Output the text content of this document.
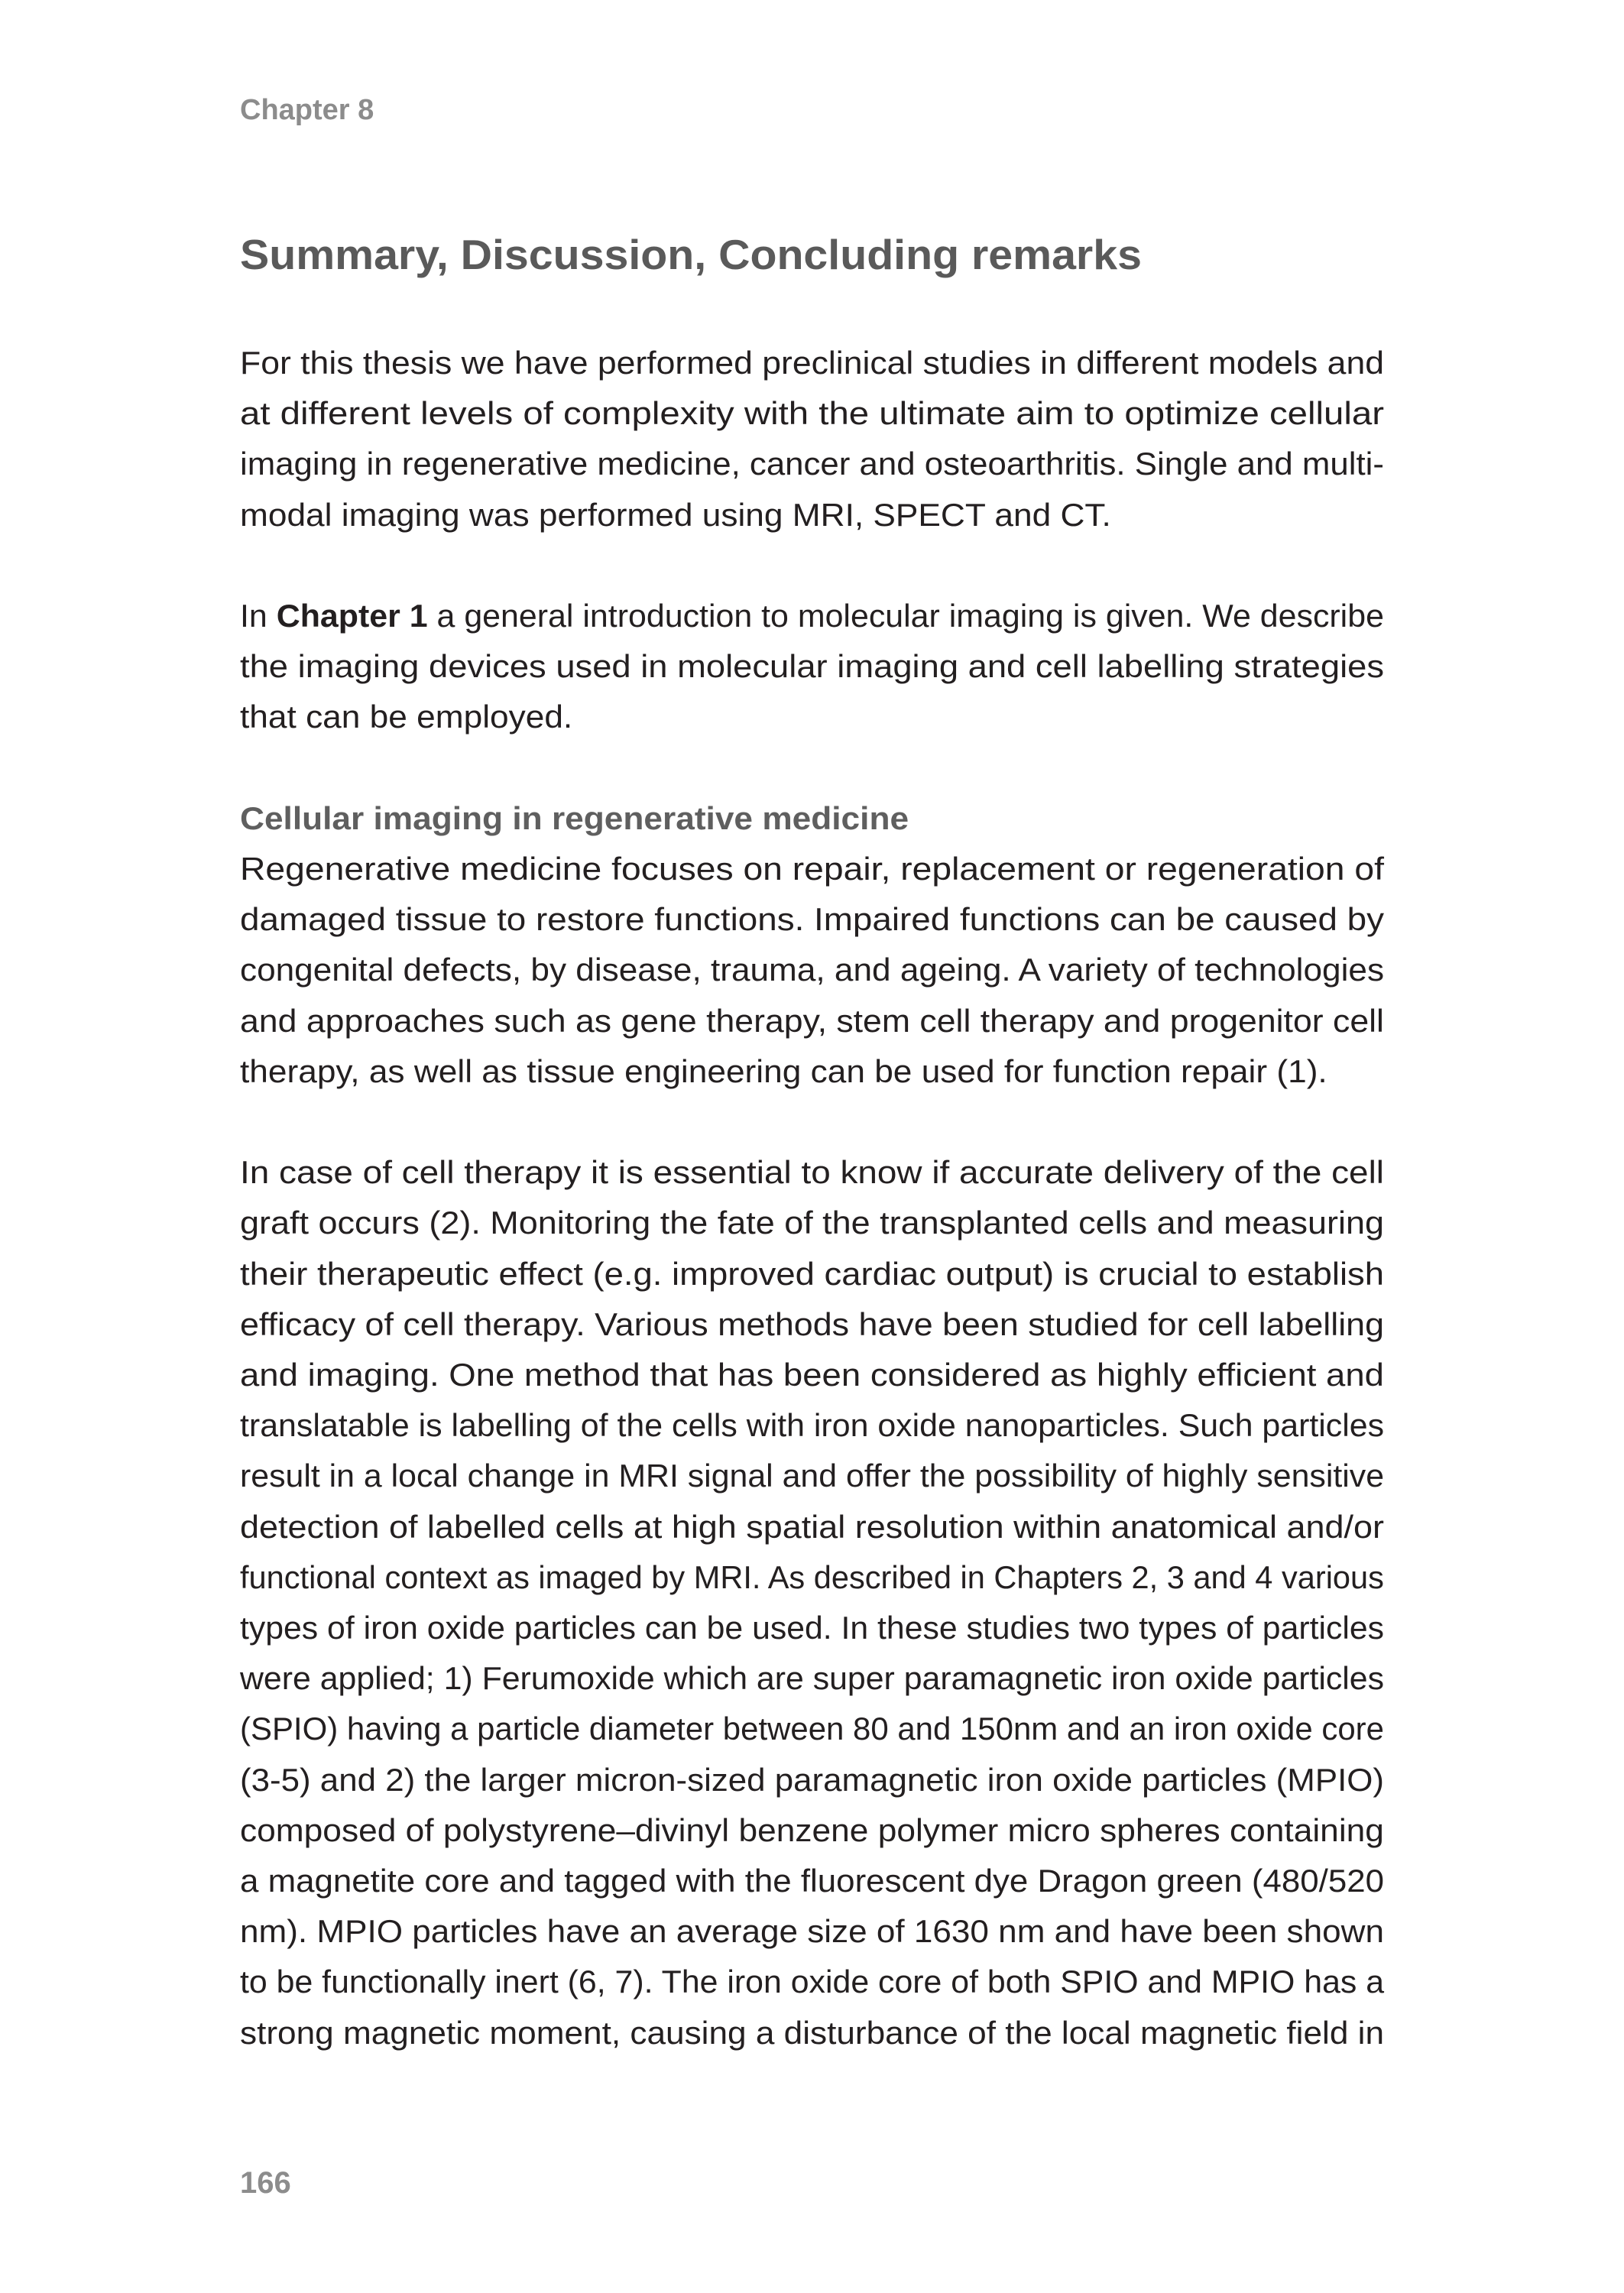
Chapter 8
Summary, Discussion, Concluding remarks
For this thesis we have performed preclinical studies in different models and
at different levels of complexity with the ultimate aim to optimize cellular
imaging in regenerative medicine, cancer and osteoarthritis. Single and multi-
modal imaging was performed using MRI, SPECT and CT.
In Chapter 1 a general introduction to molecular imaging is given. We describe
the imaging devices used in molecular imaging and cell labelling strategies
that can be employed.
Cellular imaging in regenerative medicine
Regenerative medicine focuses on repair, replacement or regeneration of
damaged tissue to restore functions. Impaired functions can be caused by
congenital defects, by disease, trauma, and ageing. A variety of technologies
and approaches such as gene therapy, stem cell therapy and progenitor cell
therapy, as well as tissue engineering can be used for function repair (1).
In case of cell therapy it is essential to know if accurate delivery of the cell
graft occurs (2). Monitoring the fate of the transplanted cells and measuring
their therapeutic effect (e.g. improved cardiac output) is crucial to establish
efficacy of cell therapy. Various methods have been studied for cell labelling
and imaging. One method that has been considered as highly efficient and
translatable is labelling of the cells with iron oxide nanoparticles. Such particles
result in a local change in MRI signal and offer the possibility of highly sensitive
detection of labelled cells at high spatial resolution within anatomical and/or
functional context as imaged by MRI. As described in Chapters 2, 3 and 4 various
types of iron oxide particles can be used. In these studies two types of particles
were applied; 1) Ferumoxide which are super paramagnetic iron oxide particles
(SPIO) having a particle diameter between 80 and 150nm and an iron oxide core
(3-5) and 2) the larger micron-sized paramagnetic iron oxide particles (MPIO)
composed of polystyrene–divinyl benzene polymer micro spheres containing
a magnetite core and tagged with the fluorescent dye Dragon green (480/520
nm). MPIO particles have an average size of 1630 nm and have been shown
to be functionally inert (6, 7). The iron oxide core of both SPIO and MPIO has a
strong magnetic moment, causing a disturbance of the local magnetic field in
166
